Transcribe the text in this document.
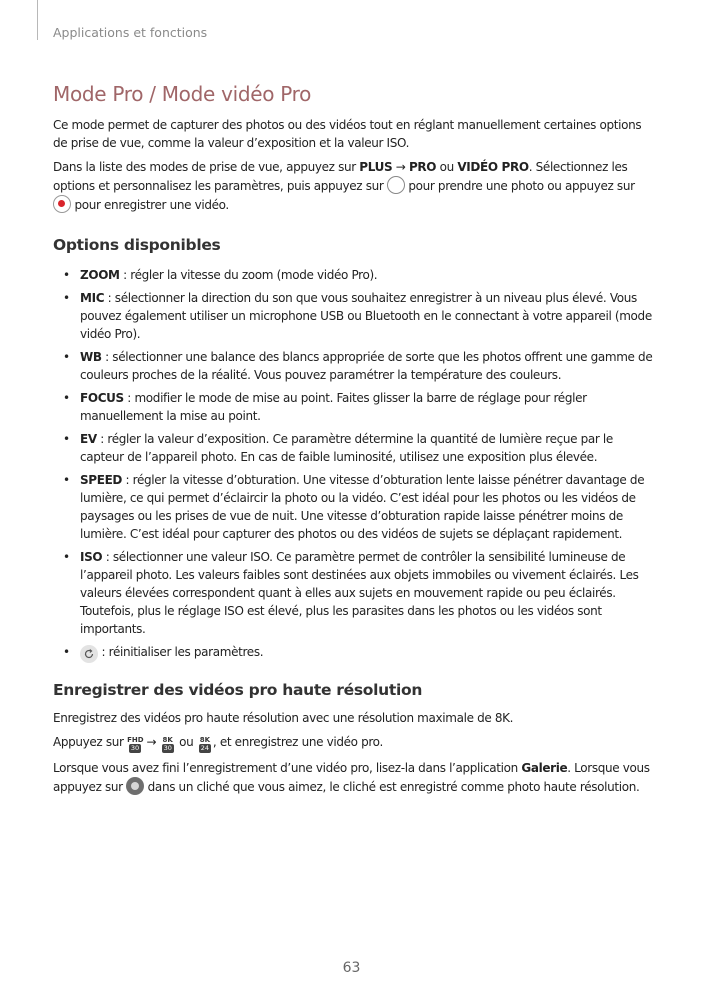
Applications et fonctions
Mode Pro / Mode vidéo Pro

Ce mode permet de capturer des photos ou des vidéos tout en réglant manuellement certaines options de prise de vue, comme la valeur d’exposition et la valeur ISO.

Dans la liste des modes de prise de vue, appuyez sur PLUS → PRO ou VIDÉO PRO. Sélectionnez les options et personnalisez les paramètres, puis appuyez sur  pour prendre une photo ou appuyez sur  pour enregistrer une vidéo.

Options disponibles
• ZOOM : régler la vitesse du zoom (mode vidéo Pro).
• MIC : sélectionner la direction du son que vous souhaitez enregistrer à un niveau plus élevé. Vous pouvez également utiliser un microphone USB ou Bluetooth en le connectant à votre appareil (mode vidéo Pro).
• WB : sélectionner une balance des blancs appropriée de sorte que les photos offrent une gamme de couleurs proches de la réalité. Vous pouvez paramétrer la température des couleurs.
• FOCUS : modifier le mode de mise au point. Faites glisser la barre de réglage pour régler manuellement la mise au point.
• EV : régler la valeur d’exposition. Ce paramètre détermine la quantité de lumière reçue par le capteur de l’appareil photo. En cas de faible luminosité, utilisez une exposition plus élevée.
• SPEED : régler la vitesse d’obturation. Une vitesse d’obturation lente laisse pénétrer davantage de lumière, ce qui permet d’éclaircir la photo ou la vidéo. C’est idéal pour les photos ou les vidéos de paysages ou les prises de vue de nuit. Une vitesse d’obturation rapide laisse pénétrer moins de lumière. C’est idéal pour capturer des photos ou des vidéos de sujets se déplaçant rapidement.
• ISO : sélectionner une valeur ISO. Ce paramètre permet de contrôler la sensibilité lumineuse de l’appareil photo. Les valeurs faibles sont destinées aux objets immobiles ou vivement éclairés. Les valeurs élevées correspondent quant à elles aux sujets en mouvement rapide ou peu éclairés. Toutefois, plus le réglage ISO est élevé, plus les parasites dans les photos ou les vidéos sont importants.
• : réinitialiser les paramètres.
Enregistrer des vidéos pro haute résolution

Enregistrez des vidéos pro haute résolution avec une résolution maximale de 8K.

Appuyez sur FHD
30 → 8K
30 ou 8K
24 , et enregistrez une vidéo pro.

Lorsque vous avez fini l’enregistrement d’une vidéo pro, lisez-la dans l’application Galerie. Lorsque vous appuyez sur  dans un cliché que vous aimez, le cliché est enregistré comme photo haute résolution.

63
